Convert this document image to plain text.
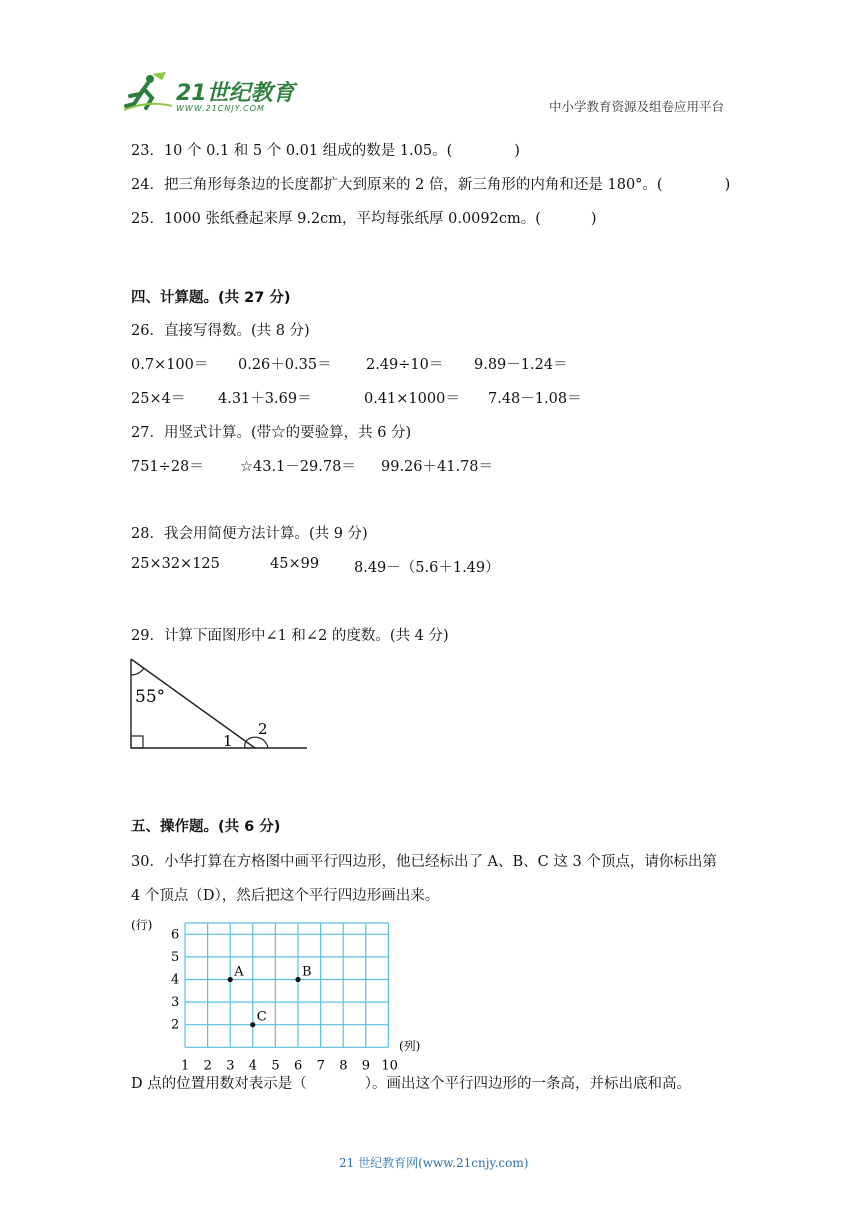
21世纪教育
WWW.21CNJY.COM	中小学教育资源及组卷应用平台
23．10 个 0.1 和 5 个 0.01 组成的数是 1.05。(	)
24．把三角形每条边的长度都扩大到原来的 2 倍，新三角形的内角和还是 180°。(	)
25．1000 张纸叠起来厚 9.2cm，平均每张纸厚 0.0092cm。(	)
四、计算题。(共 27 分)
26．直接写得数。(共 8 分)
0.7×100＝ 0.26＋0.35＝ 2.49÷10＝ 9.89－1.24＝
25×4＝ 4.31＋3.69＝	0.41×1000＝ 7.48－1.08＝
27．用竖式计算。(带☆的要验算，共 6 分)
751÷28＝ ☆43.1－29.78＝ 99.26＋41.78＝
28．我会用简便方法计算。(共 9 分)
25×32×125	45×99 8.49－（5.6＋1.49）
29．计算下面图形中∠1 和∠2 的度数。(共 4 分)
55°
1
2
五、操作题。(共 6 分)
30．小华打算在方格图中画平行四边形，他已经标出了 A、B、C 这 3 个顶点，请你标出第
4 个顶点（D），然后把这个平行四边形画出来。
(行)
(列)
6
5
4
3
2
1 2 3 4 5 6 7 8 9 10
A	B
C
D 点的位置用数对表示是（　　　　）。画出这个平行四边形的一条高，并标出底和高。
21 世纪教育网(www.21cnjy.com)
